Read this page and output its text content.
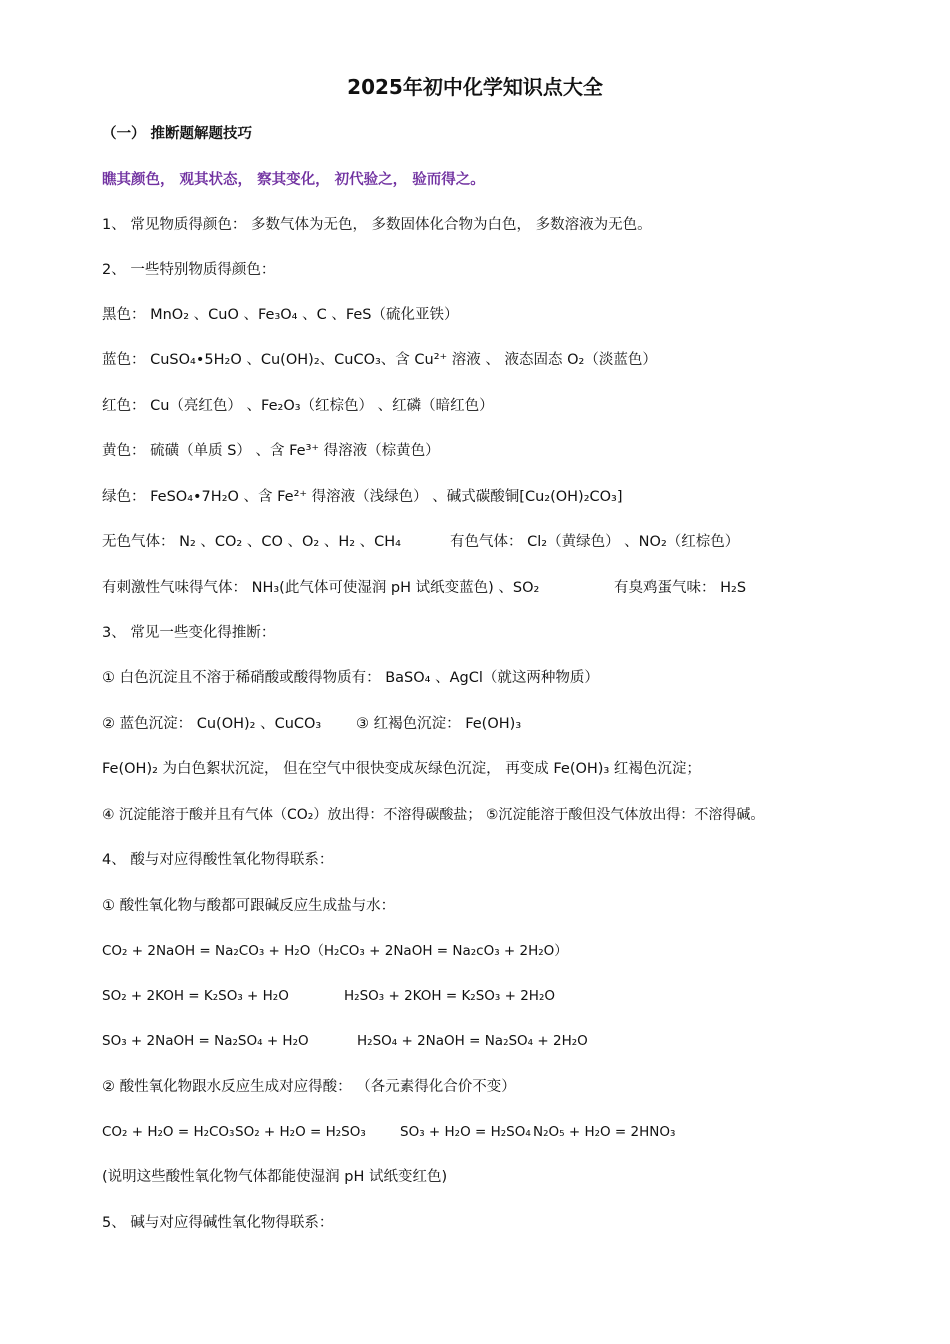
2025年初中化学知识点大全
（一） 推断题解题技巧
瞧其颜色， 观其状态， 察其变化， 初代验之， 验而得之。
1、 常见物质得颜色： 多数气体为无色， 多数固体化合物为白色， 多数溶液为无色。
2、 一些特别物质得颜色：
黑色： MnO₂ 、CuO 、Fe₃O₄ 、C 、FeS（硫化亚铁）
蓝色： CuSO₄•5H₂O 、Cu(OH)₂、CuCO₃、含 Cu²⁺ 溶液 、 液态固态 O₂（淡蓝色）
红色： Cu（亮红色） 、Fe₂O₃（红棕色） 、红磷（暗红色）
黄色： 硫磺（单质 S） 、含 Fe³⁺ 得溶液（棕黄色）
绿色： FeSO₄•7H₂O 、含 Fe²⁺ 得溶液（浅绿色） 、碱式碳酸铜[Cu₂(OH)₂CO₃]
无色气体： N₂ 、CO₂ 、CO 、O₂ 、H₂ 、CH₄	有色气体： Cl₂（黄绿色） 、NO₂（红棕色）
有刺激性气味得气体： NH₃(此气体可使湿润 pH 试纸变蓝色) 、SO₂	有臭鸡蛋气味： H₂S
3、 常见一些变化得推断：
① 白色沉淀且不溶于稀硝酸或酸得物质有： BaSO₄ 、AgCl（就这两种物质）
② 蓝色沉淀： Cu(OH)₂ 、CuCO₃ ③ 红褐色沉淀： Fe(OH)₃
Fe(OH)₂ 为白色絮状沉淀， 但在空气中很快变成灰绿色沉淀， 再变成 Fe(OH)₃ 红褐色沉淀；
④ 沉淀能溶于酸并且有气体（CO₂）放出得：不溶得碳酸盐； ⑤沉淀能溶于酸但没气体放出得：不溶得碱。
4、 酸与对应得酸性氧化物得联系：
① 酸性氧化物与酸都可跟碱反应生成盐与水：
CO₂ + 2NaOH = Na₂CO₃ + H₂O（H₂CO₃ + 2NaOH = Na₂cO₃ + 2H₂O）
SO₂ + 2KOH = K₂SO₃ + H₂O	H₂SO₃ + 2KOH = K₂SO₃ + 2H₂O
SO₃ + 2NaOH = Na₂SO₄ + H₂O	H₂SO₄ + 2NaOH = Na₂SO₄ + 2H₂O
② 酸性氧化物跟水反应生成对应得酸： （各元素得化合价不变）
CO₂ + H₂O = H₂CO₃ SO₂ + H₂O = H₂SO₃	SO₃ + H₂O = H₂SO₄ N₂O₅ + H₂O = 2HNO₃
(说明这些酸性氧化物气体都能使湿润 pH 试纸变红色)
5、 碱与对应得碱性氧化物得联系：
